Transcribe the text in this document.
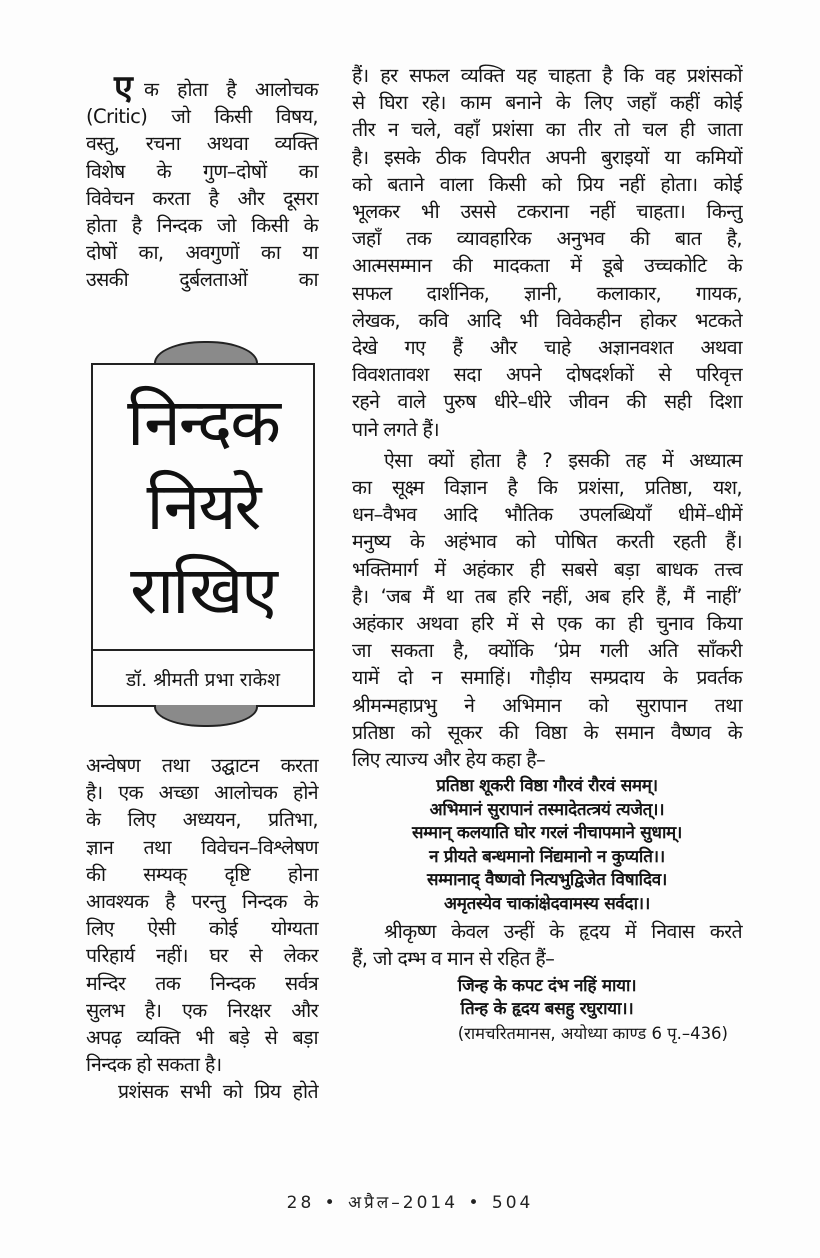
ए क होता है आलोचक
(Critic) जो किसी विषय,
वस्तु, रचना अथवा व्यक्ति
विशेष के गुण–दोषों का
विवेचन करता है और दूसरा
होता है निन्दक जो किसी के
दोषों का, अवगुणों का या
उसकी दुर्बलताओं का
निन्दक
नियरे
राखिए
डॉ. श्रीमती प्रभा राकेश
अन्वेषण तथा उद्घाटन करता
है। एक अच्छा आलोचक होने
के लिए अध्ययन, प्रतिभा,
ज्ञान तथा विवेचन–विश्लेषण
की सम्यक् दृष्टि होना
आवश्यक है परन्तु निन्दक के
लिए ऐसी कोई योग्यता
परिहार्य नहीं। घर से लेकर
मन्दिर तक निन्दक सर्वत्र
सुलभ है। एक निरक्षर और
अपढ़ व्यक्ति भी बड़े से बड़ा
निन्दक हो सकता है।
प्रशंसक सभी को प्रिय होते
हैं। हर सफल व्यक्ति यह चाहता है कि वह प्रशंसकों
से घिरा रहे। काम बनाने के लिए जहाँ कहीं कोई
तीर न चले, वहाँ प्रशंसा का तीर तो चल ही जाता
है। इसके ठीक विपरीत अपनी बुराइयों या कमियों
को बताने वाला किसी को प्रिय नहीं होता। कोई
भूलकर भी उससे टकराना नहीं चाहता। किन्तु
जहाँ तक व्यावहारिक अनुभव की बात है,
आत्मसम्मान की मादकता में डूबे उच्चकोटि के
सफल दार्शनिक, ज्ञानी, कलाकार, गायक,
लेखक, कवि आदि भी विवेकहीन होकर भटकते
देखे गए हैं और चाहे अज्ञानवशत अथवा
विवशतावश सदा अपने दोषदर्शकों से परिवृत्त
रहने वाले पुरुष धीरे–धीरे जीवन की सही दिशा
पाने लगते हैं।
ऐसा क्यों होता है ? इसकी तह में अध्यात्म
का सूक्ष्म विज्ञान है कि प्रशंसा, प्रतिष्ठा, यश,
धन–वैभव आदि भौतिक उपलब्धियाँ धीमें–धीमें
मनुष्य के अहंभाव को पोषित करती रहती हैं।
भक्तिमार्ग में अहंकार ही सबसे बड़ा बाधक तत्त्व
है। ‘जब मैं था तब हरि नहीं, अब हरि हैं, मैं नाहीं’
अहंकार अथवा हरि में से एक का ही चुनाव किया
जा सकता है, क्योंकि ‘प्रेम गली अति साँकरी
यामें दो न समाहिं। गौड़ीय सम्प्रदाय के प्रवर्तक
श्रीमन्महाप्रभु ने अभिमान को सुरापान तथा
प्रतिष्ठा को सूकर की विष्ठा के समान वैष्णव के
लिए त्याज्य और हेय कहा है–
प्रतिष्ठा शूकरी विष्ठा गौरवं रौरवं समम्।
अभिमानं सुरापानं तस्मादेतत्त्रयं त्यजेत्।।
सम्मान् कलयाति घोर गरलं नीचापमाने सुधाम्।
न प्रीयते बन्धमानो निंद्यमानो न कुप्यति।।
सम्मानाद् वैष्णवो नित्यभुद्विजेत विषादिव।
अमृतस्येव चाकांक्षेदवामस्य सर्वदा।।
श्रीकृष्ण केवल उन्हीं के हृदय में निवास करते
हैं, जो दम्भ व मान से रहित हैं–
जिन्ह के कपट दंभ नहिं माया।
तिन्ह के हृदय बसहु रघुराया।।
(रामचरितमानस, अयोध्या काण्ड 6 पृ.–436)
28 • अप्रैल–2014 • 504
